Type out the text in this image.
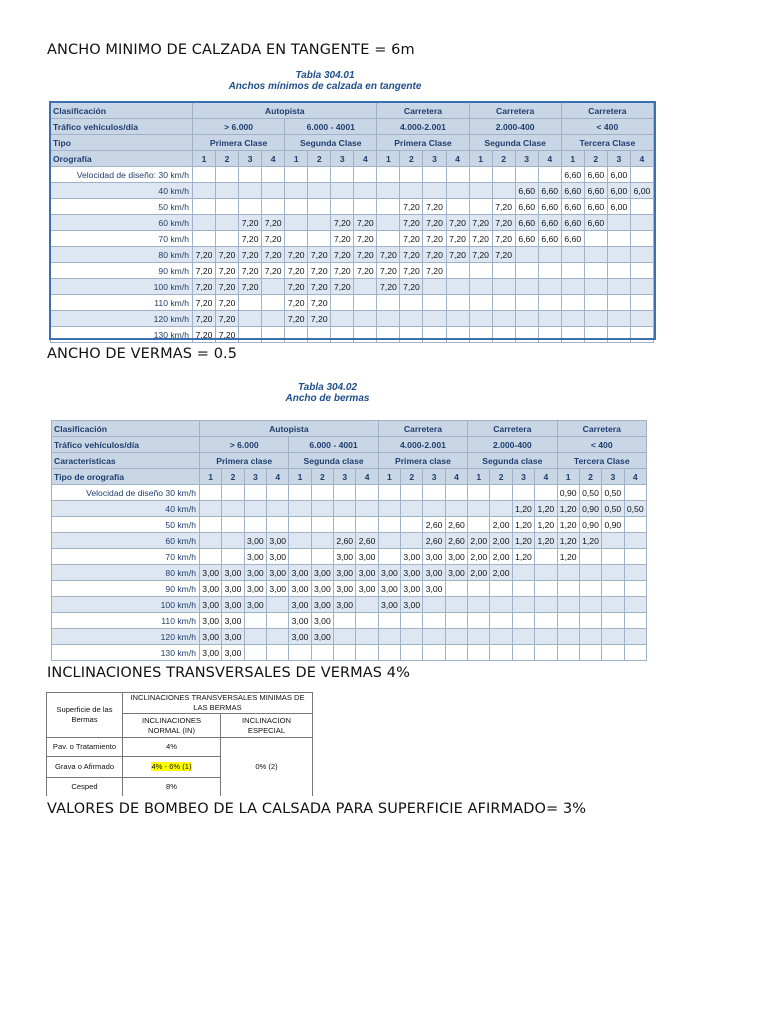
ANCHO MINIMO DE CALZADA EN TANGENTE = 6m
Tabla 304.01
Anchos mínimos de calzada en tangente
Clasificación	Autopista								Carretera				Carretera				Carretera			
Tráfico vehículos/día	> 6.000				6.000 - 4001				4.000-2.001				2.000-400				< 400			
Tipo	Primera Clase				Segunda Clase				Primera Clase				Segunda Clase				Tercera Clase			
Orografía	1	2	3	4	1	2	3	4	1	2	3	4	1	2	3	4	1	2	3	4
Velocidad de diseño: 30 km/h																	6,60	6,60	6,00	
40 km/h															6,60	6,60	6,60	6,60	6,00	6,00
50 km/h										7,20	7,20			7,20	6,60	6,60	6,60	6,60	6,00	
60 km/h			7,20	7,20			7,20	7,20		7,20	7,20	7,20	7,20	7,20	6,60	6,60	6,60	6,60		
70 km/h			7,20	7,20			7,20	7,20		7,20	7,20	7,20	7,20	7,20	6,60	6,60	6,60			
80 km/h	7,20	7,20	7,20	7,20	7,20	7,20	7,20	7,20	7,20	7,20	7,20	7,20	7,20	7,20						
90 km/h	7,20	7,20	7,20	7,20	7,20	7,20	7,20	7,20	7,20	7,20	7,20									
100 km/h	7,20	7,20	7,20		7,20	7,20	7,20		7,20	7,20										
110 km/h	7,20	7,20			7,20	7,20														
120 km/h	7,20	7,20			7,20	7,20														
130 km/h	7,20	7,20																		
ANCHO DE VERMAS = 0.5
Tabla 304.02
Ancho de bermas
Clasificación	Autopista								Carretera				Carretera				Carretera			
Tráfico vehículos/día	> 6.000				6.000 - 4001				4.000-2.001				2.000-400				< 400			
Características	Primera clase				Segunda clase				Primera clase				Segunda clase				Tercera Clase			
Tipo de orografía	1	2	3	4	1	2	3	4	1	2	3	4	1	2	3	4	1	2	3	4
Velocidad de diseño 30 km/h																	0,90	0,50	0,50	
40 km/h															1,20	1,20	1,20	0,90	0,50	0,50
50 km/h											2,60	2,60		2,00	1,20	1,20	1,20	0,90	0,90	
60 km/h			3,00	3,00			2,60	2,60			2,60	2,60	2,00	2,00	1,20	1,20	1,20	1,20		
70 km/h			3,00	3,00			3,00	3,00		3,00	3,00	3,00	2,00	2,00	1,20		1,20			
80 km/h	3,00	3,00	3,00	3,00	3,00	3,00	3,00	3,00	3,00	3,00	3,00	3,00	2,00	2,00						
90 km/h	3,00	3,00	3,00	3,00	3,00	3,00	3,00	3,00	3,00	3,00	3,00									
100 km/h	3,00	3,00	3,00		3,00	3,00	3,00		3,00	3,00										
110 km/h	3,00	3,00			3,00	3,00														
120 km/h	3,00	3,00			3,00	3,00														
130 km/h	3,00	3,00																		
INCLINACIONES TRANSVERSALES DE VERMAS 4%
Superficie de las Bermas	INCLINACIONES TRANSVERSALES MINIMAS DE LAS BERMAS	
	INCLINACIONES NORMAL (IN)	INCLINACION ESPECIAL
Pav. o Tratamiento	4%	0% (2)
Grava o Afirmado	4% - 6% (1)	
Cesped	8%	
VALORES DE BOMBEO DE LA CALSADA PARA SUPERFICIE AFIRMADO= 3%
